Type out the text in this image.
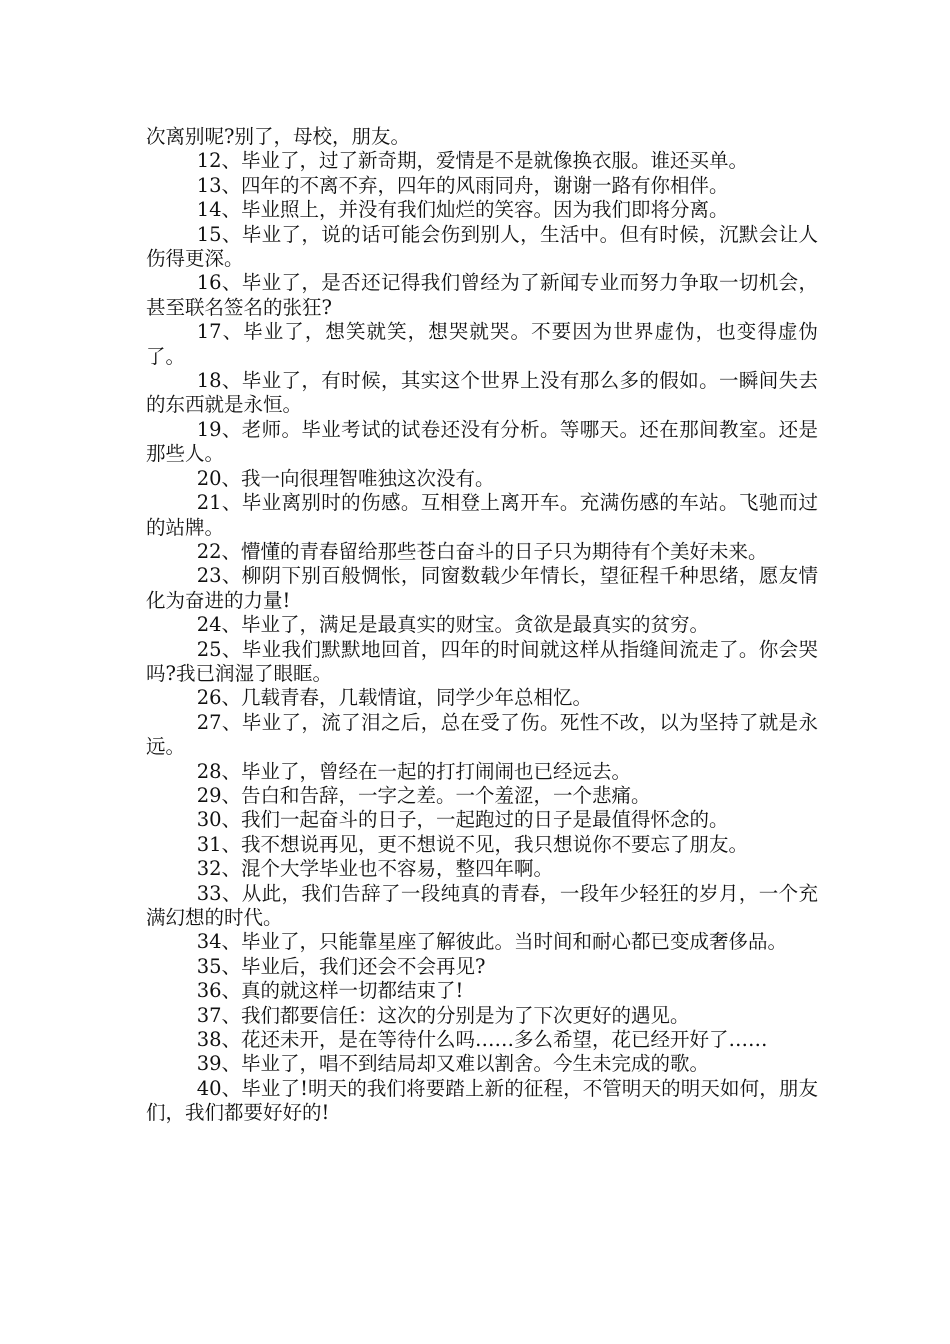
次离别呢?别了，母校，朋友。

12、毕业了，过了新奇期，爱情是不是就像换衣服。谁还买单。

13、四年的不离不弃，四年的风雨同舟，谢谢一路有你相伴。

14、毕业照上，并没有我们灿烂的笑容。因为我们即将分离。

15、毕业了，说的话可能会伤到别人，生活中。但有时候，沉默会让人伤得更深。

16、毕业了，是否还记得我们曾经为了新闻专业而努力争取一切机会，甚至联名签名的张狂?

17、毕业了，想笑就笑，想哭就哭。不要因为世界虚伪，也变得虚伪了。

18、毕业了，有时候，其实这个世界上没有那么多的假如。一瞬间失去的东西就是永恒。

19、老师。毕业考试的试卷还没有分析。等哪天。还在那间教室。还是那些人。

20、我一向很理智唯独这次没有。

21、毕业离别时的伤感。互相登上离开车。充满伤感的车站。飞驰而过的站牌。

22、懵懂的青春留给那些苍白奋斗的日子只为期待有个美好未来。

23、柳阴下别百般惆怅，同窗数载少年情长，望征程千种思绪，愿友情化为奋进的力量!

24、毕业了，满足是最真实的财宝。贪欲是最真实的贫穷。

25、毕业我们默默地回首，四年的时间就这样从指缝间流走了。你会哭吗?我已润湿了眼眶。

26、几载青春，几载情谊，同学少年总相忆。

27、毕业了，流了泪之后，总在受了伤。死性不改，以为坚持了就是永远。

28、毕业了，曾经在一起的打打闹闹也已经远去。

29、告白和告辞，一字之差。一个羞涩，一个悲痛。

30、我们一起奋斗的日子，一起跑过的日子是最值得怀念的。

31、我不想说再见，更不想说不见，我只想说你不要忘了朋友。

32、混个大学毕业也不容易，整四年啊。

33、从此，我们告辞了一段纯真的青春，一段年少轻狂的岁月，一个充满幻想的时代。

34、毕业了，只能靠星座了解彼此。当时间和耐心都已变成奢侈品。

35、毕业后，我们还会不会再见?

36、真的就这样一切都结束了!

37、我们都要信任：这次的分别是为了下次更好的遇见。

38、花还未开，是在等待什么吗……多么希望，花已经开好了……

39、毕业了，唱不到结局却又难以割舍。今生未完成的歌。

40、毕业了!明天的我们将要踏上新的征程，不管明天的明天如何，朋友们，我们都要好好的!
